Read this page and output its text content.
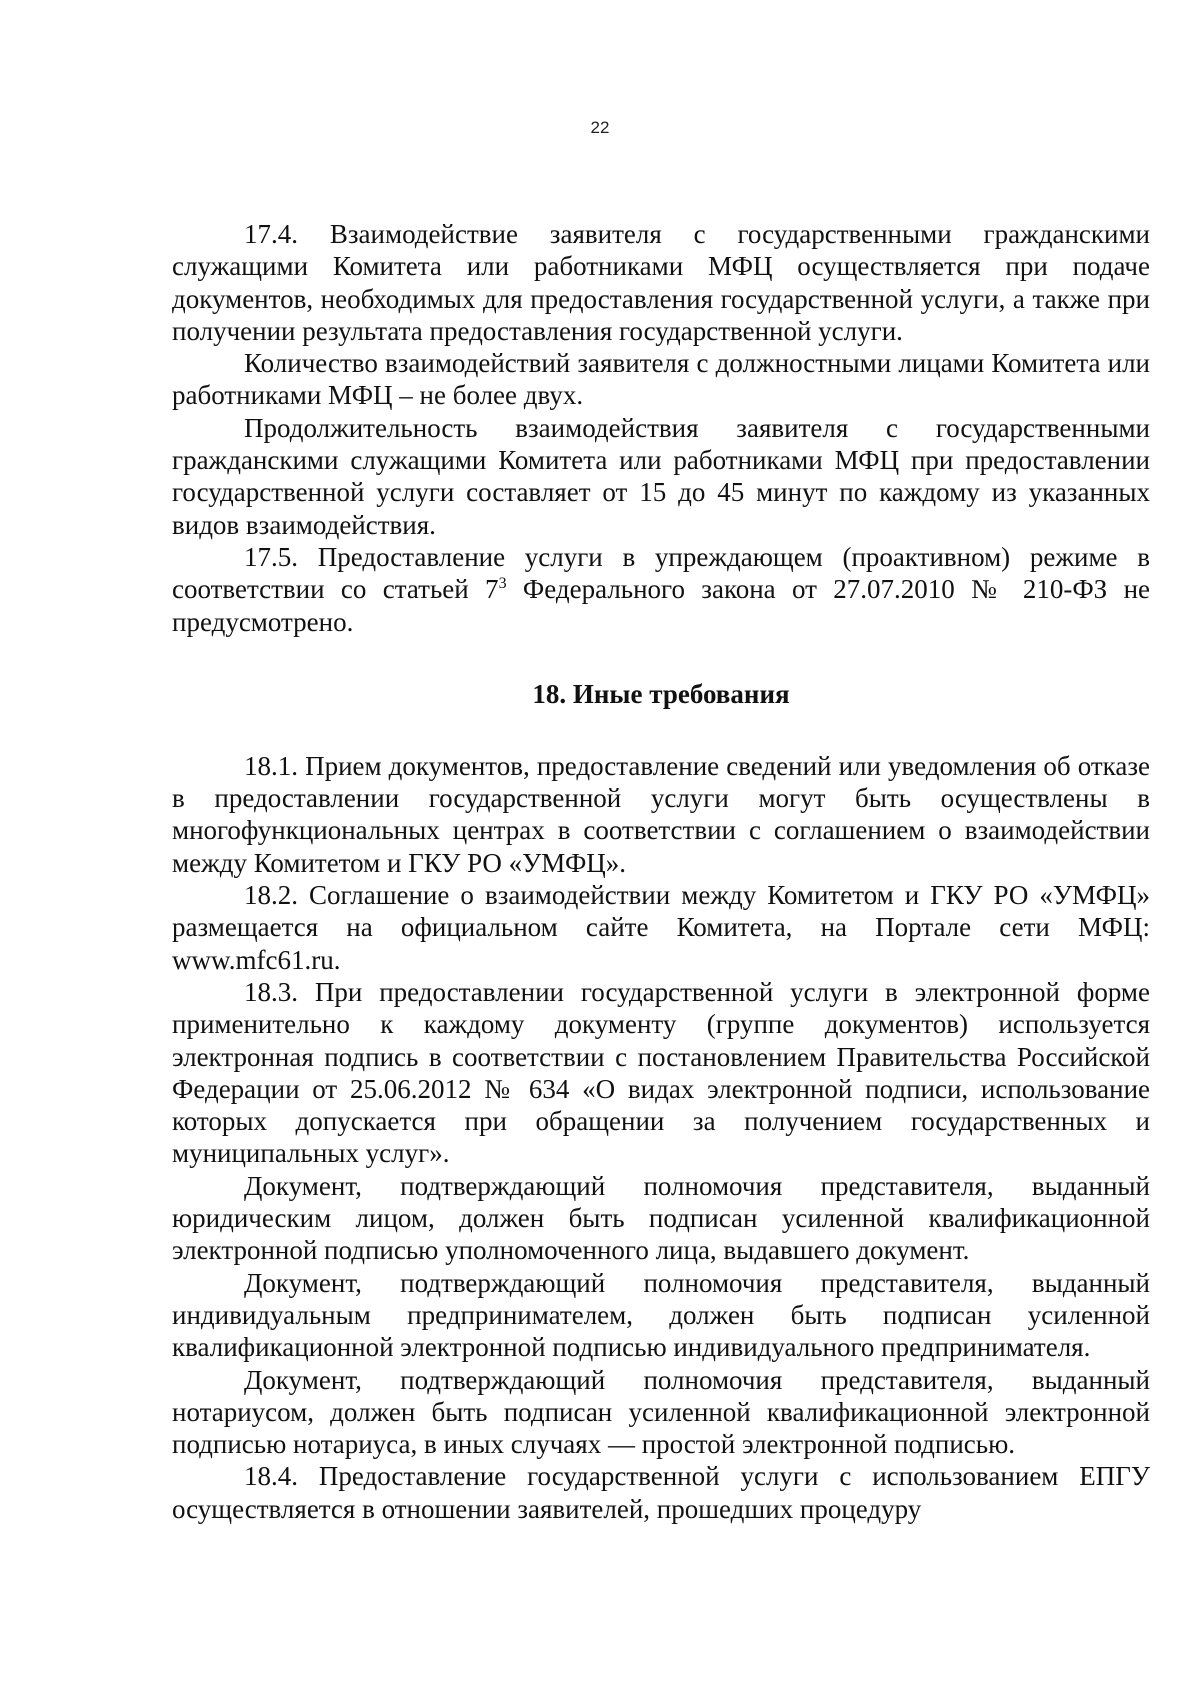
22

17.4. Взаимодействие заявителя с государственными гражданскими служащими Комитета или работниками МФЦ осуществляется при подаче документов, необходимых для предоставления государственной услуги, а также при получении результата предоставления государственной услуги.

Количество взаимодействий заявителя с должностными лицами Комитета или работниками МФЦ – не более двух.

Продолжительность взаимодействия заявителя с государственными гражданскими служащими Комитета или работниками МФЦ при предоставлении государственной услуги составляет от 15 до 45 минут по каждому из указанных видов взаимодействия.

17.5. Предоставление услуги в упреждающем (проактивном) режиме в соответствии со статьей $7^3$ Федерального закона от 27.07.2010 № 210-ФЗ не предусмотрено.

18. Иные требования

18.1. Прием документов, предоставление сведений или уведомления об отказе в предоставлении государственной услуги могут быть осуществлены в многофункциональных центрах в соответствии с соглашением о взаимодействии между Комитетом и ГКУ РО «УМФЦ».

18.2. Соглашение о взаимодействии между Комитетом и ГКУ РО «УМФЦ» размещается на официальном сайте Комитета, на Портале сети МФЦ: www.mfc61.ru.

18.3. При предоставлении государственной услуги в электронной форме применительно к каждому документу (группе документов) используется электронная подпись в соответствии с постановлением Правительства Российской Федерации от 25.06.2012 № 634 «О видах электронной подписи, использование которых допускается при обращении за получением государственных и муниципальных услуг».

Документ, подтверждающий полномочия представителя, выданный юридическим лицом, должен быть подписан усиленной квалификационной электронной подписью уполномоченного лица, выдавшего документ.

Документ, подтверждающий полномочия представителя, выданный индивидуальным предпринимателем, должен быть подписан усиленной квалификационной электронной подписью индивидуального предпринимателя.

Документ, подтверждающий полномочия представителя, выданный нотариусом, должен быть подписан усиленной квалификационной электронной подписью нотариуса, в иных случаях — простой электронной подписью.

18.4. Предоставление государственной услуги с использованием ЕПГУ осуществляется в отношении заявителей, прошедших процедуру
